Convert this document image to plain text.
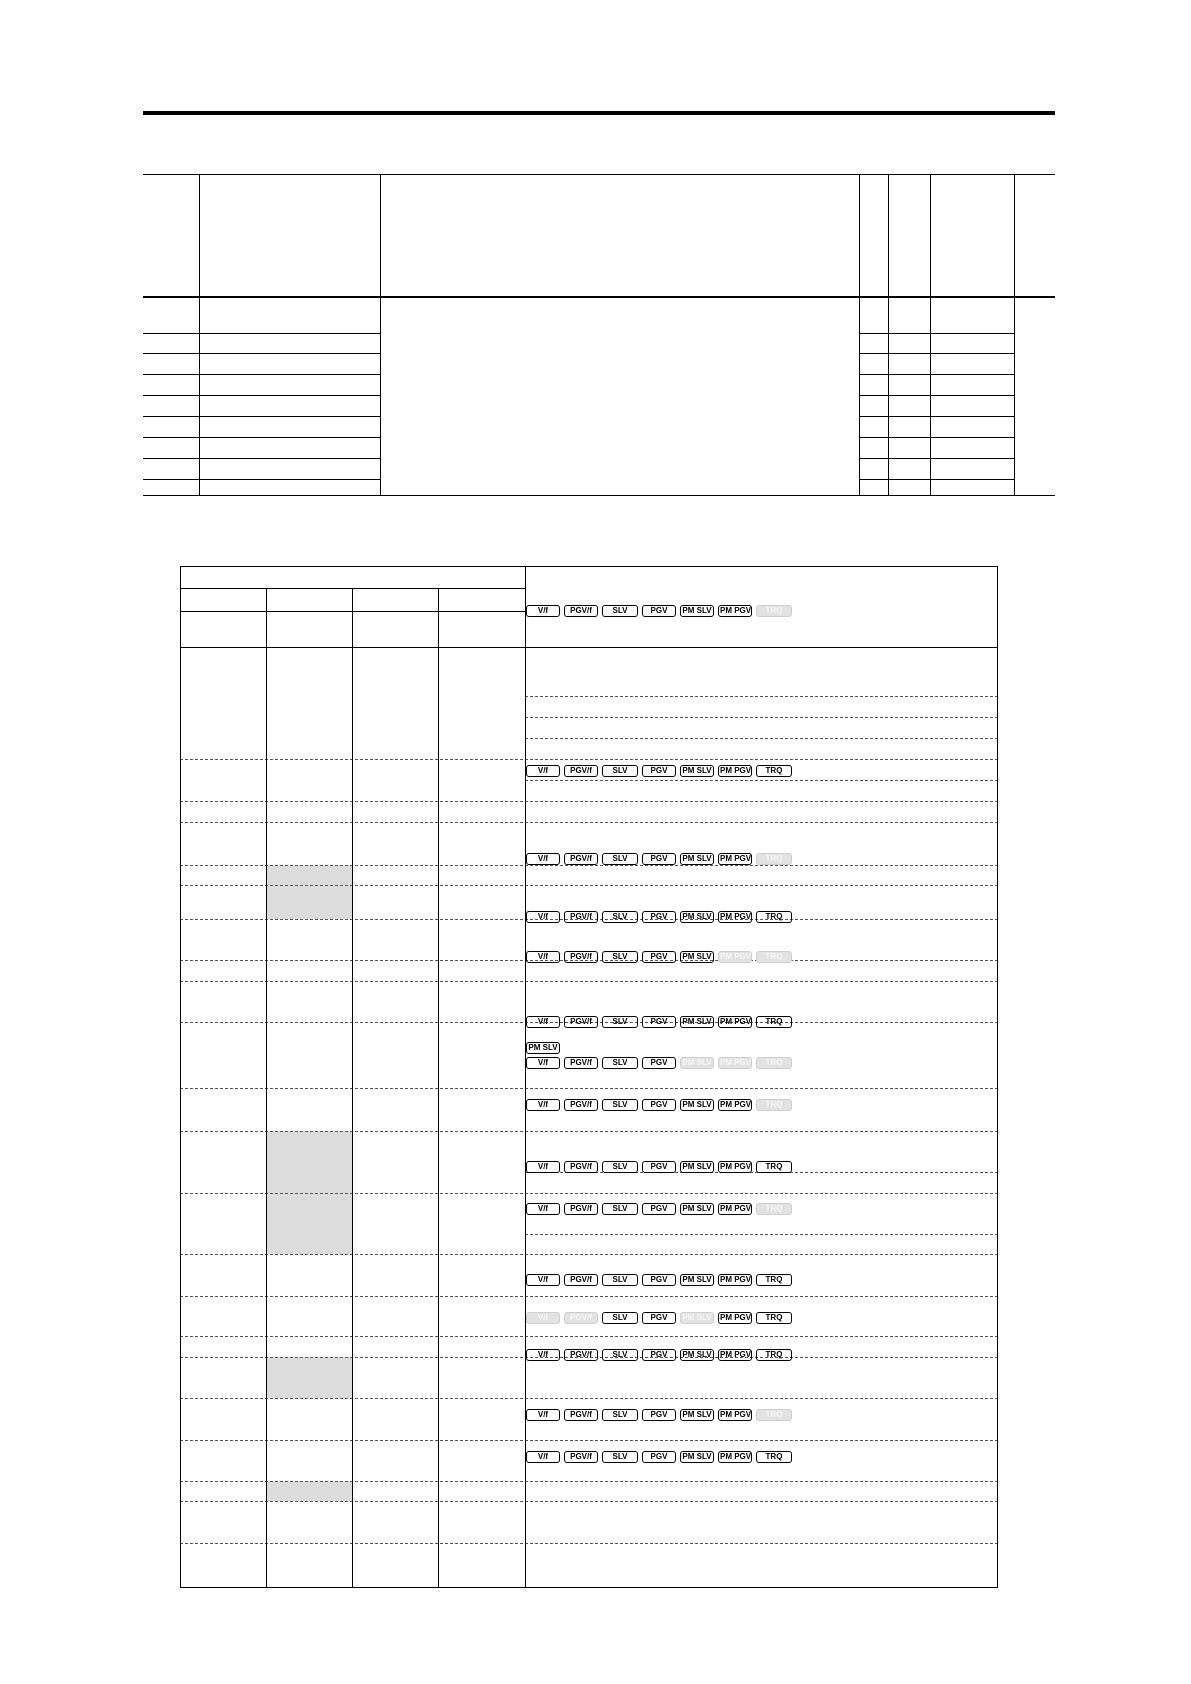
V/f	PGV/f	SLV	PGV	PM SLV	PM PGV	TRQ
V/f	PGV/f	SLV	PGV	PM SLV	PM PGV	TRQ
V/f	PGV/f	SLV	PGV	PM SLV	PM PGV	TRQ
V/f	PGV/f	SLV	PGV	PM SLV	PM PGV	TRQ
V/f	PGV/f	SLV	PGV	PM SLV	PM PGV	TRQ
V/f	PGV/f	SLV	PGV	PM SLV	PM PGV	TRQ
V/f	PGV/f	SLV	PGV	PM SLV	PM PGV	TRQ
V/f	PGV/f	SLV	PGV	PM SLV	PM PGV	TRQ
V/f	PGV/f	SLV	PGV	PM SLV	PM PGV	TRQ
V/f	PGV/f	SLV	PGV	PM SLV	PM PGV	TRQ
V/f	PGV/f	SLV	PGV	PM SLV	PM PGV	TRQ
V/f	PGV/f	SLV	PGV	PM SLV	PM PGV	TRQ
V/f	PGV/f	SLV	PGV	PM SLV	PM PGV	TRQ
V/f	PGV/f	SLV	PGV	PM SLV	PM PGV	TRQ
V/f	PGV/f	SLV	PGV	PM SLV	PM PGV	TRQ
PM SLV
